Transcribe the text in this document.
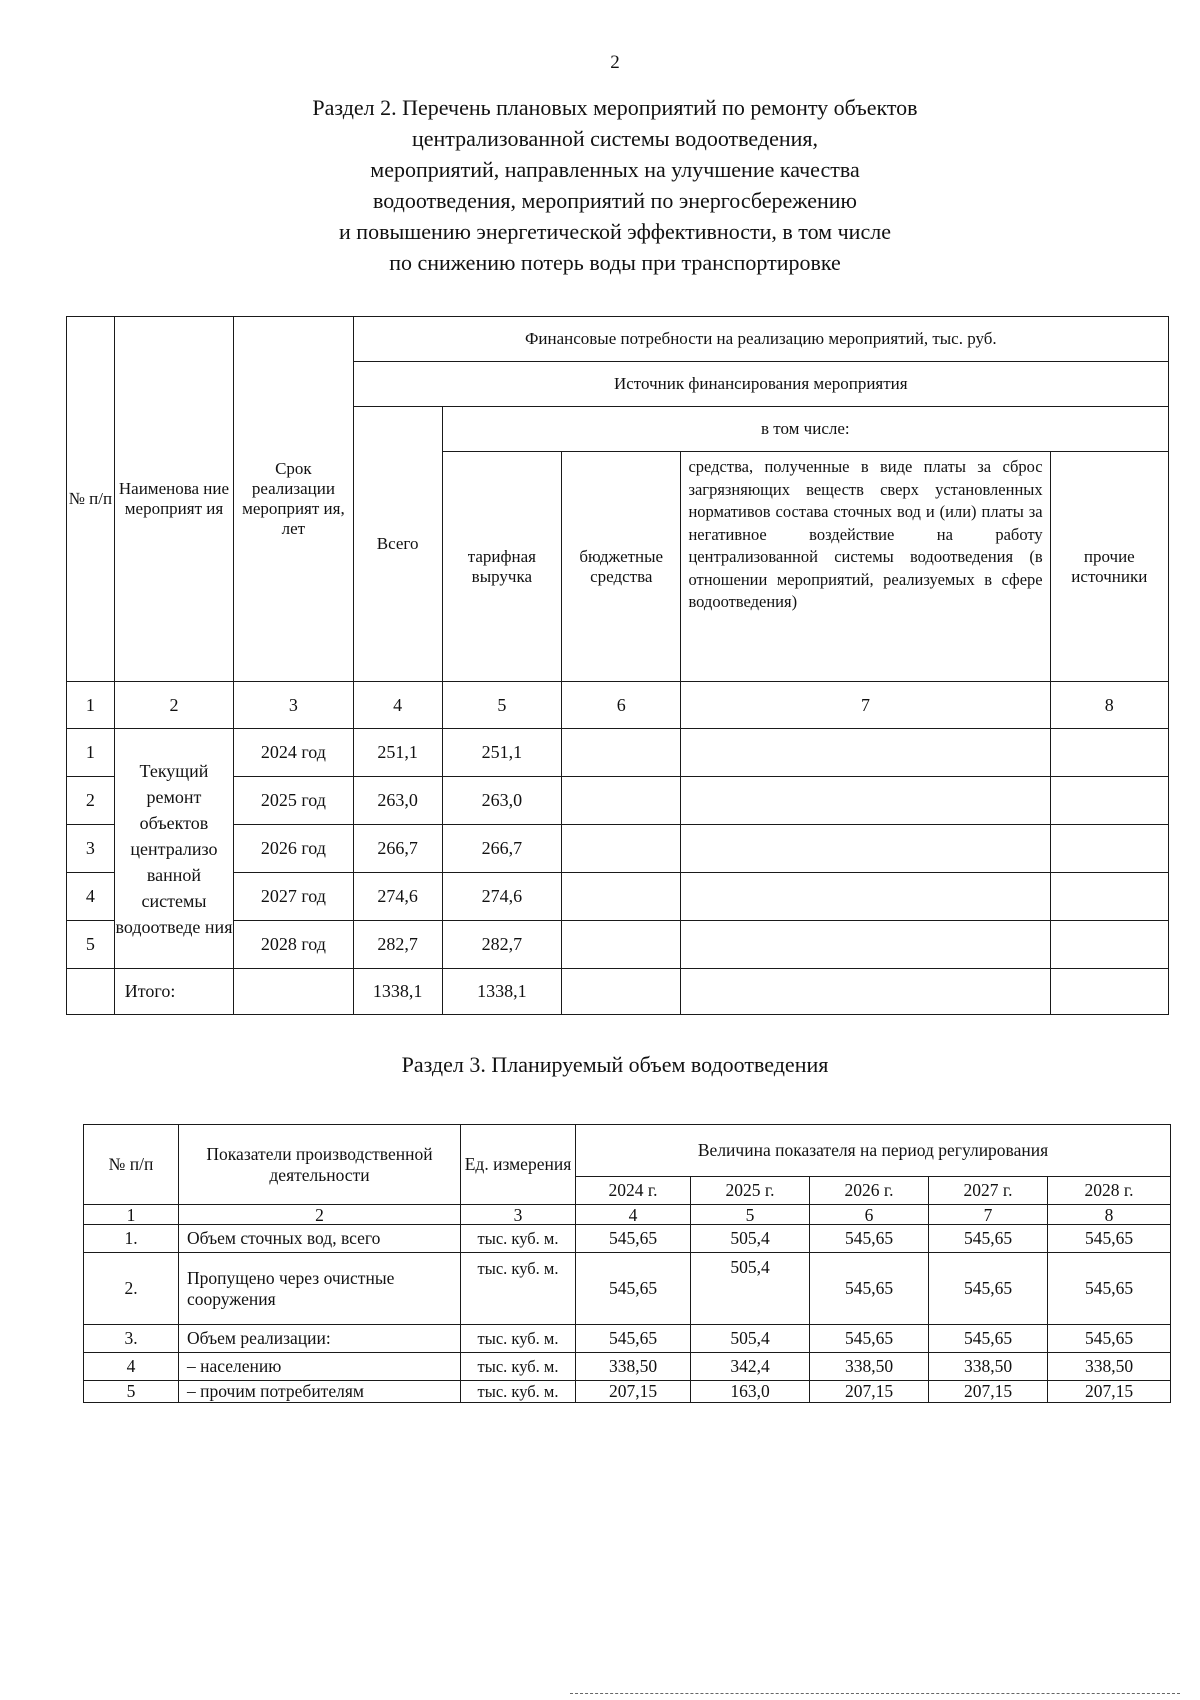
2
Раздел 2. Перечень плановых мероприятий по ремонту объектов
централизованной системы водоотведения,
мероприятий, направленных на улучшение качества
водоотведения, мероприятий по энергосбережению
и повышению энергетической эффективности, в том числе
по снижению потерь воды при транспортировке
№ п/п	Наименова ние мероприят ия	Срок реализации мероприят ия, лет	Финансовые потребности на реализацию мероприятий, тыс. руб.				
			Источник финансирования мероприятия				
			Всего	в том числе:			
				тарифная выручка	бюджетные средства	средства, полученные в виде платы за сброс загрязняющих веществ сверх установленных нормативов состава сточных вод и (или) платы за негативное воздействие на работу централизованной системы водоотведения (в отношении мероприятий, реализуемых в сфере водоотведения)	прочие источники
1	2	3	4	5	6	7	8
1	Текущий ремонт объектов централизо ванной системы водоотведе ния	2024 год	251,1	251,1			
2		2025 год	263,0	263,0			
3		2026 год	266,7	266,7			
4		2027 год	274,6	274,6			
5		2028 год	282,7	282,7			
	Итого:		1338,1	1338,1			
Раздел 3. Планируемый объем водоотведения
№ п/п	Показатели производственной деятельности	Ед. измерения	Величина показателя на период регулирования				
			2024 г.	2025 г.	2026 г.	2027 г.	2028 г.
1	2	3	4	5	6	7	8
1.	Объем сточных вод, всего	тыс. куб. м.	545,65	505,4	545,65	545,65	545,65
2.	Пропущено через очистные сооружения	тыс. куб. м.	545,65	505,4	545,65	545,65	545,65
3.	Объем реализации:	тыс. куб. м.	545,65	505,4	545,65	545,65	545,65
4	– населению	тыс. куб. м.	338,50	342,4	338,50	338,50	338,50
5	– прочим потребителям	тыс. куб. м.	207,15	163,0	207,15	207,15	207,15
